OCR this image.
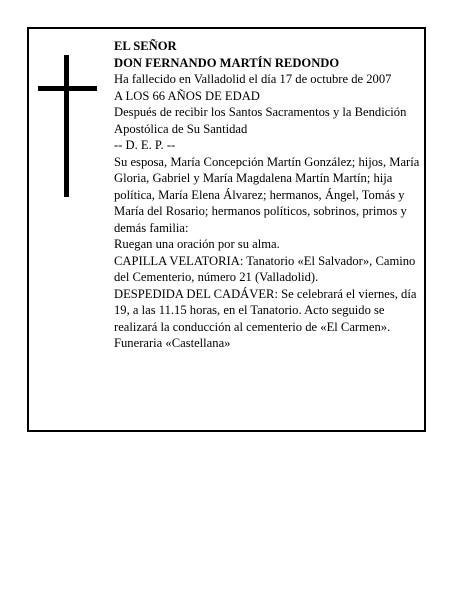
EL SEÑOR

DON FERNANDO MARTÍN REDONDO

Ha fallecido en Valladolid el día 17 de octubre de 2007

A LOS 66 AÑOS DE EDAD

Después de recibir los Santos Sacramentos y la Bendición Apostólica de Su Santidad

-- D. E. P. --

Su esposa, María Concepción Martín González; hijos, María Gloria, Gabriel y María Magdalena Martín Martín; hija política, María Elena Álvarez; hermanos, Ángel, Tomás y María del Rosario; hermanos políticos, sobrinos, primos y demás familia:

Ruegan una oración por su alma.

CAPILLA VELATORIA: Tanatorio «El Salvador», Camino del Cementerio, número 21 (Valladolid).

DESPEDIDA DEL CADÁVER: Se celebrará el viernes, día 19, a las 11.15 horas, en el Tanatorio. Acto seguido se realizará la conducción al cementerio de «El Carmen».

Funeraria «Castellana»
